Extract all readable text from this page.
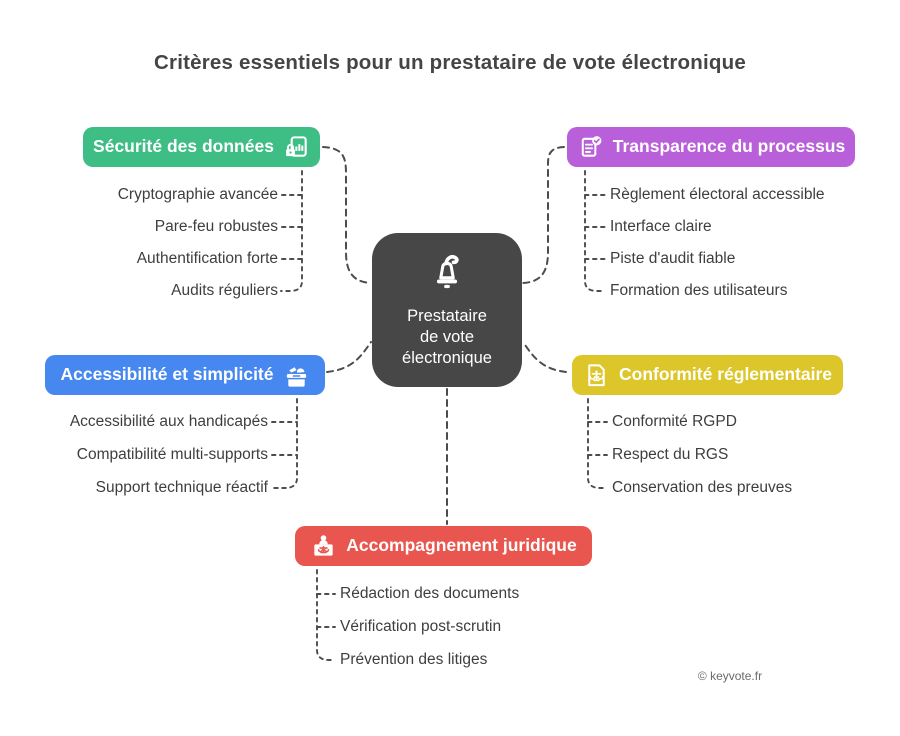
Critères essentiels pour un prestataire de vote électronique
Prestataire
de vote
électronique
Sécurité des données	Transparence du processus
Accessibilité et simplicité	Conformité réglementaire
Accompagnement juridique
Cryptographie avancée
Pare-feu robustes
Authentification forte
Audits réguliers
Règlement électoral accessible
Interface claire
Piste d'audit fiable
Formation des utilisateurs
Accessibilité aux handicapés
Compatibilité multi-supports
Support technique réactif
Conformité RGPD
Respect du RGS
Conservation des preuves
Rédaction des documents
Vérification post-scrutin
Prévention des litiges
© keyvote.fr
